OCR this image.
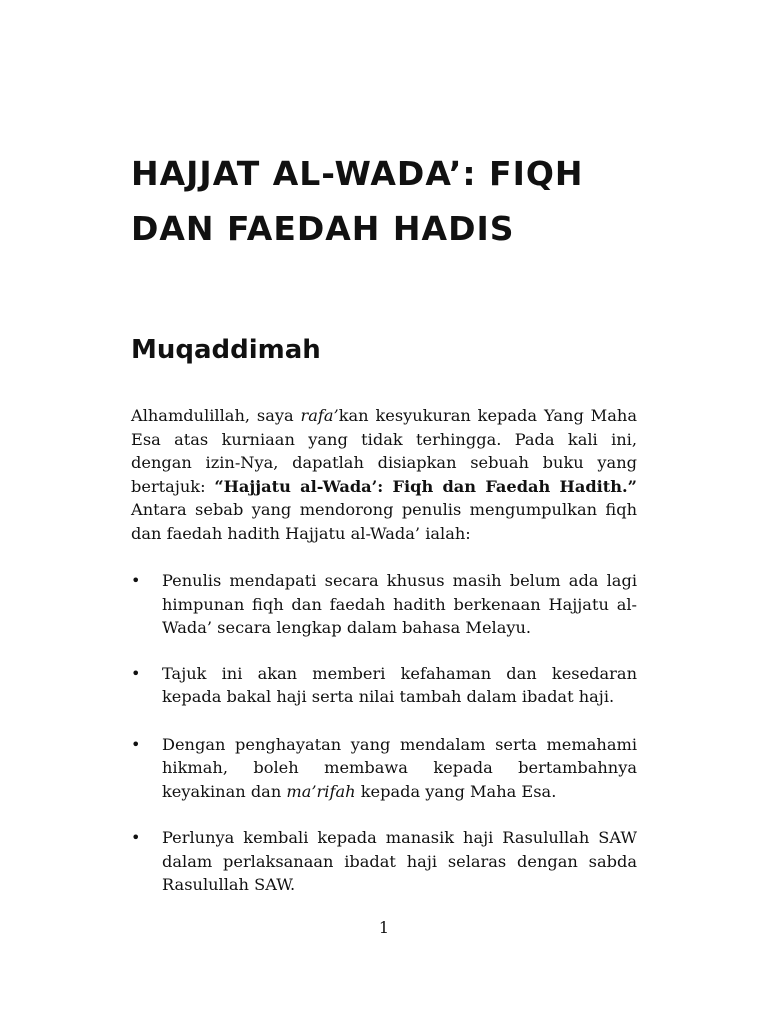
HAJJAT AL-WADA’: FIQH
DAN FAEDAH HADIS
Muqaddimah

Alhamdulillah, saya rafa’kan kesyukuran kepada Yang Maha Esa atas kurniaan yang tidak terhingga. Pada kali ini, dengan izin-Nya, dapatlah disiapkan sebuah buku yang bertajuk: “Hajjatu al-Wada’: Fiqh dan Faedah Hadith.” Antara sebab yang mendorong penulis mengumpulkan fiqh dan faedah hadith Hajjatu al-Wada’ ialah:

• Penulis mendapati secara khusus masih belum ada lagi himpunan fiqh dan faedah hadith berkenaan Hajjatu al-Wada’ secara lengkap dalam bahasa Melayu.
• Tajuk ini akan memberi kefahaman dan kesedaran kepada bakal haji serta nilai tambah dalam ibadat haji.
• Dengan penghayatan yang mendalam serta memahami hikmah, boleh membawa kepada bertambahnya keyakinan dan ma’rifah kepada yang Maha Esa.
• Perlunya kembali kepada manasik haji Rasulullah SAW dalam perlaksanaan ibadat haji selaras dengan sabda Rasulullah SAW.
1
